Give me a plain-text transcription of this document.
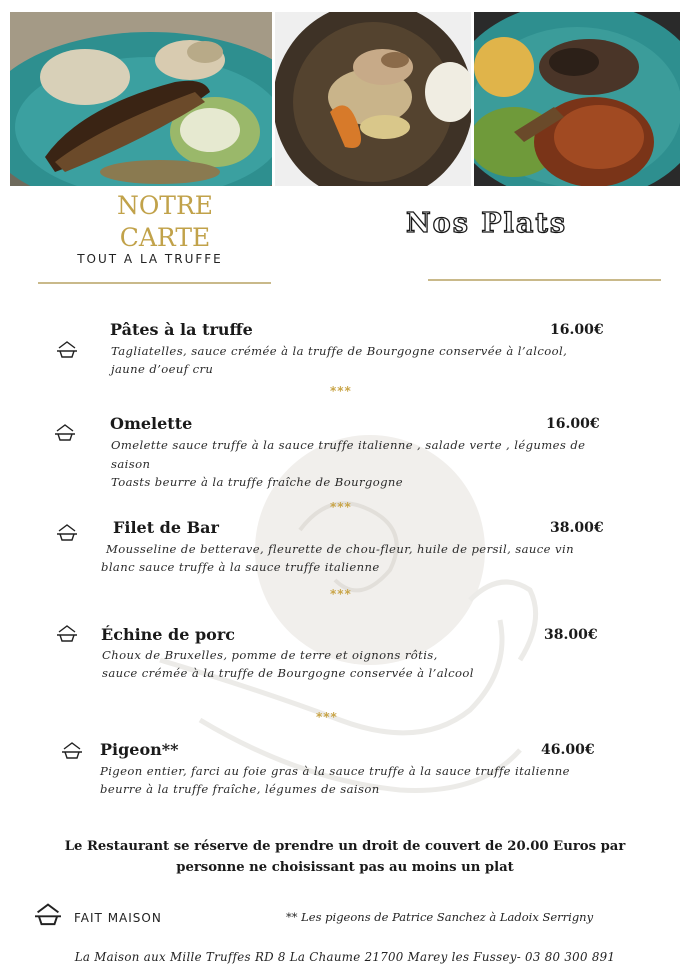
NOTRE
CARTE
TOUT A LA TRUFFE
Nos Plats
Pâtes à la truffe	16.00€
Tagliatelles, sauce crémée à la truffe de Bourgogne conservée à l’alcool,
jaune d’oeuf cru
***
Omelette	16.00€
Omelette sauce truffe à la sauce truffe italienne , salade verte , légumes de
saison
Toasts beurre à la truffe fraîche de Bourgogne
***
Filet de Bar	38.00€
Mousseline de betterave, fleurette de chou-fleur, huile de persil, sauce vin
blanc sauce truffe à la sauce truffe italienne
***
Échine de porc	38.00€
Choux de Bruxelles, pomme de terre et oignons rôtis,
sauce crémée à la truffe de Bourgogne conservée à l’alcool
***
Pigeon**	46.00€
Pigeon entier, farci au foie gras à la sauce truffe à la sauce truffe italienne
beurre à la truffe fraîche, légumes de saison
Le Restaurant se réserve de prendre un droit de couvert de 20.00 Euros par
personne ne choisissant pas au moins un plat
FAIT MAISON	** Les pigeons de Patrice Sanchez à Ladoix Serrigny
La Maison aux Mille Truffes RD 8 La Chaume 21700 Marey les Fussey- 03 80 300 891
